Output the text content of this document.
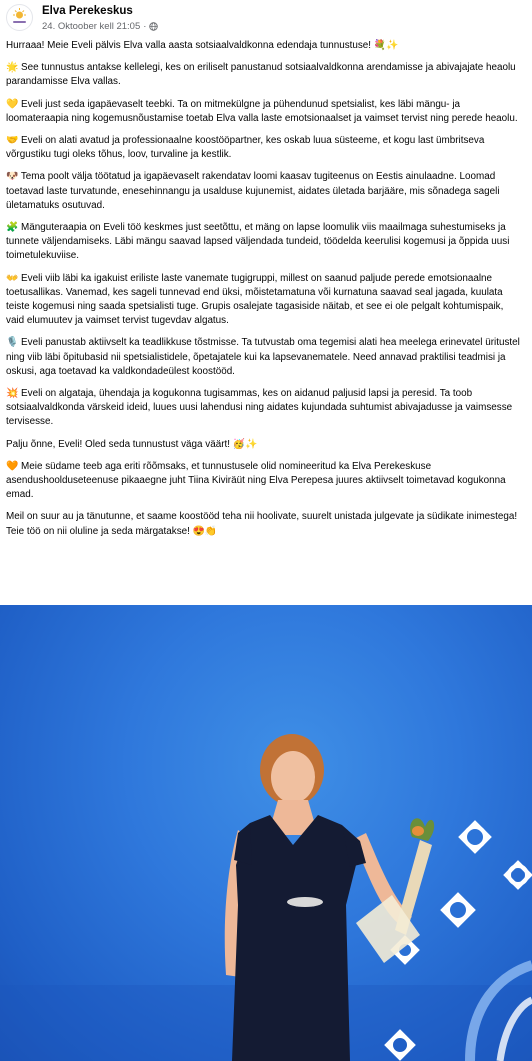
Elva Perekeskus
24. Oktoober kell 21:05 ·

Hurraaa! Meie Eveli pälvis Elva valla aasta sotsiaalvaldkonna edendaja tunnustuse! 💐✨

🌟 See tunnustus antakse kellelegi, kes on eriliselt panustanud sotsiaalvaldkonna arendamisse ja abivajajate heaolu parandamisse Elva vallas.

💛 Eveli just seda igapäevaselt teebki. Ta on mitmekülgne ja pühendunud spetsialist, kes läbi mängu- ja loomateraapia ning kogemusnõustamise toetab Elva valla laste emotsionaalset ja vaimset tervist ning perede heaolu.

🤝 Eveli on alati avatud ja professionaalne koostööpartner, kes oskab luua süsteeme, et kogu last ümbritseva võrgustiku tugi oleks tõhus, loov, turvaline ja kestlik.

🐶 Tema poolt välja töötatud ja igapäevaselt rakendatav loomi kaasav tugiteenus on Eestis ainulaadne. Loomad toetavad laste turvatunde, enesehinnangu ja usalduse kujunemist, aidates ületada barjääre, mis sõnadega sageli ületamatuks osutuvad.

🧩 Mänguteraapia on Eveli töö keskmes just seetõttu, et mäng on lapse loomulik viis maailmaga suhestumiseks ja tunnete väljendamiseks. Läbi mängu saavad lapsed väljendada tundeid, töödelda keerulisi kogemusi ja õppida uusi toimetulekuviise.

👐 Eveli viib läbi ka igakuist eriliste laste vanemate tugigruppi, millest on saanud paljude perede emotsionaalne toetusallikas. Vanemad, kes sageli tunnevad end üksi, mõistetamatuna või kurnatuna saavad seal jagada, kuulata teiste kogemusi ning saada spetsialisti tuge. Grupis osalejate tagasiside näitab, et see ei ole pelgalt kohtumispaik, vaid elumuutev ja vaimset tervist tugevdav algatus.

🎙️ Eveli panustab aktiivselt ka teadlikkuse tõstmisse. Ta tutvustab oma tegemisi alati hea meelega erinevatel üritustel ning viib läbi õpitubasid nii spetsialistidele, õpetajatele kui ka lapsevanematele. Need annavad praktilisi teadmisi ja oskusi, aga toetavad ka valdkondadeülest koostööd.

💥 Eveli on algataja, ühendaja ja kogukonna tugisammas, kes on aidanud paljusid lapsi ja peresid. Ta toob sotsiaalvaldkonda värskeid ideid, luues uusi lahendusi ning aidates kujundada suhtumist abivajadusse ja vaimsesse tervisesse.

Palju õnne, Eveli! Oled seda tunnustust väga väärt! 🥳✨

🧡 Meie südame teeb aga eriti rõõmsaks, et tunnustusele olid nomineeritud ka Elva Perekeskuse asendushoolduseteenuse pikaaegne juht Tiina Kiviräüt ning Elva Perepesa juures aktiivselt toimetavad kogukonna emad.

Meil on suur au ja tänutunne, et saame koostööd teha nii hoolivate, suurelt unistada julgevate ja südikate inimestega! Teie töö on nii oluline ja seda märgatakse! 😍👏
